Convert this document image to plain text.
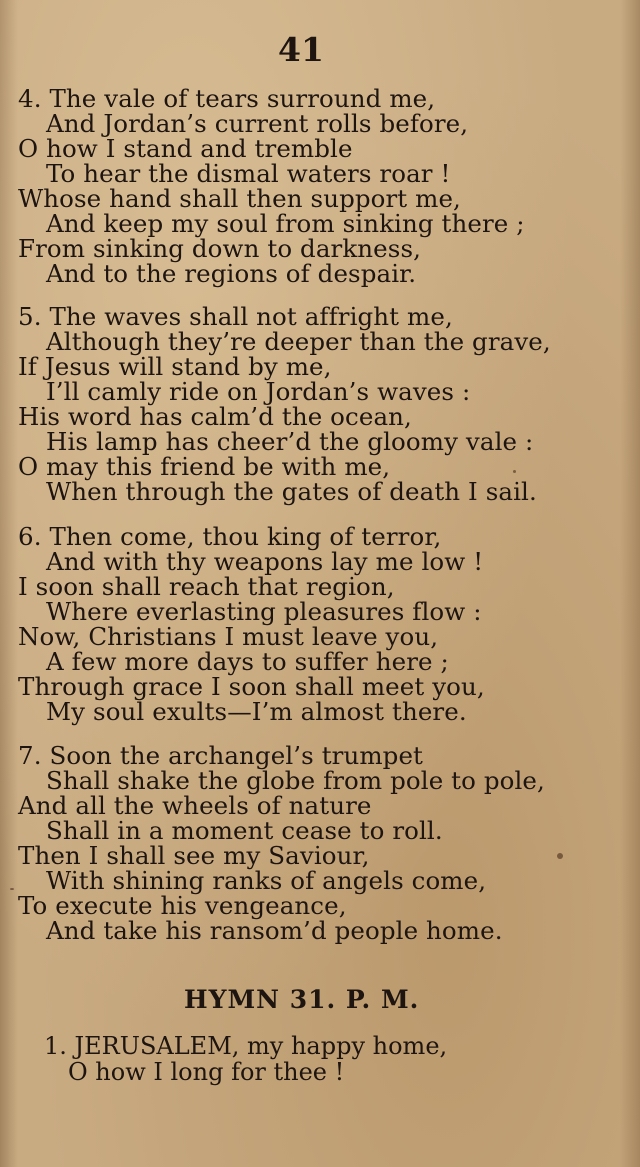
41
4. The vale of tears surround me,
And Jordan’s current rolls before,
O how I stand and tremble
To hear the dismal waters roar !
Whose hand shall then support me,
And keep my soul from sinking there ;
From sinking down to darkness,
And to the regions of despair.
5. The waves shall not affright me,
Although they’re deeper than the grave,
If Jesus will stand by me,
I’ll camly ride on Jordan’s waves :
His word has calm’d the ocean,
His lamp has cheer’d the gloomy vale :
O may this friend be with me,
When through the gates of death I sail.
6. Then come, thou king of terror,
And with thy weapons lay me low !
I soon shall reach that region,
Where everlasting pleasures flow :
Now, Christians I must leave you,
A few more days to suffer here ;
Through grace I soon shall meet you,
My soul exults—I’m almost there.
7. Soon the archangel’s trumpet
Shall shake the globe from pole to pole,
And all the wheels of nature
Shall in a moment cease to roll.
Then I shall see my Saviour,
With shining ranks of angels come,
To execute his vengeance,
And take his ransom’d people home.
HYMN 31. P. M.
1. JERUSALEM, my happy home,
O how I long for thee !
